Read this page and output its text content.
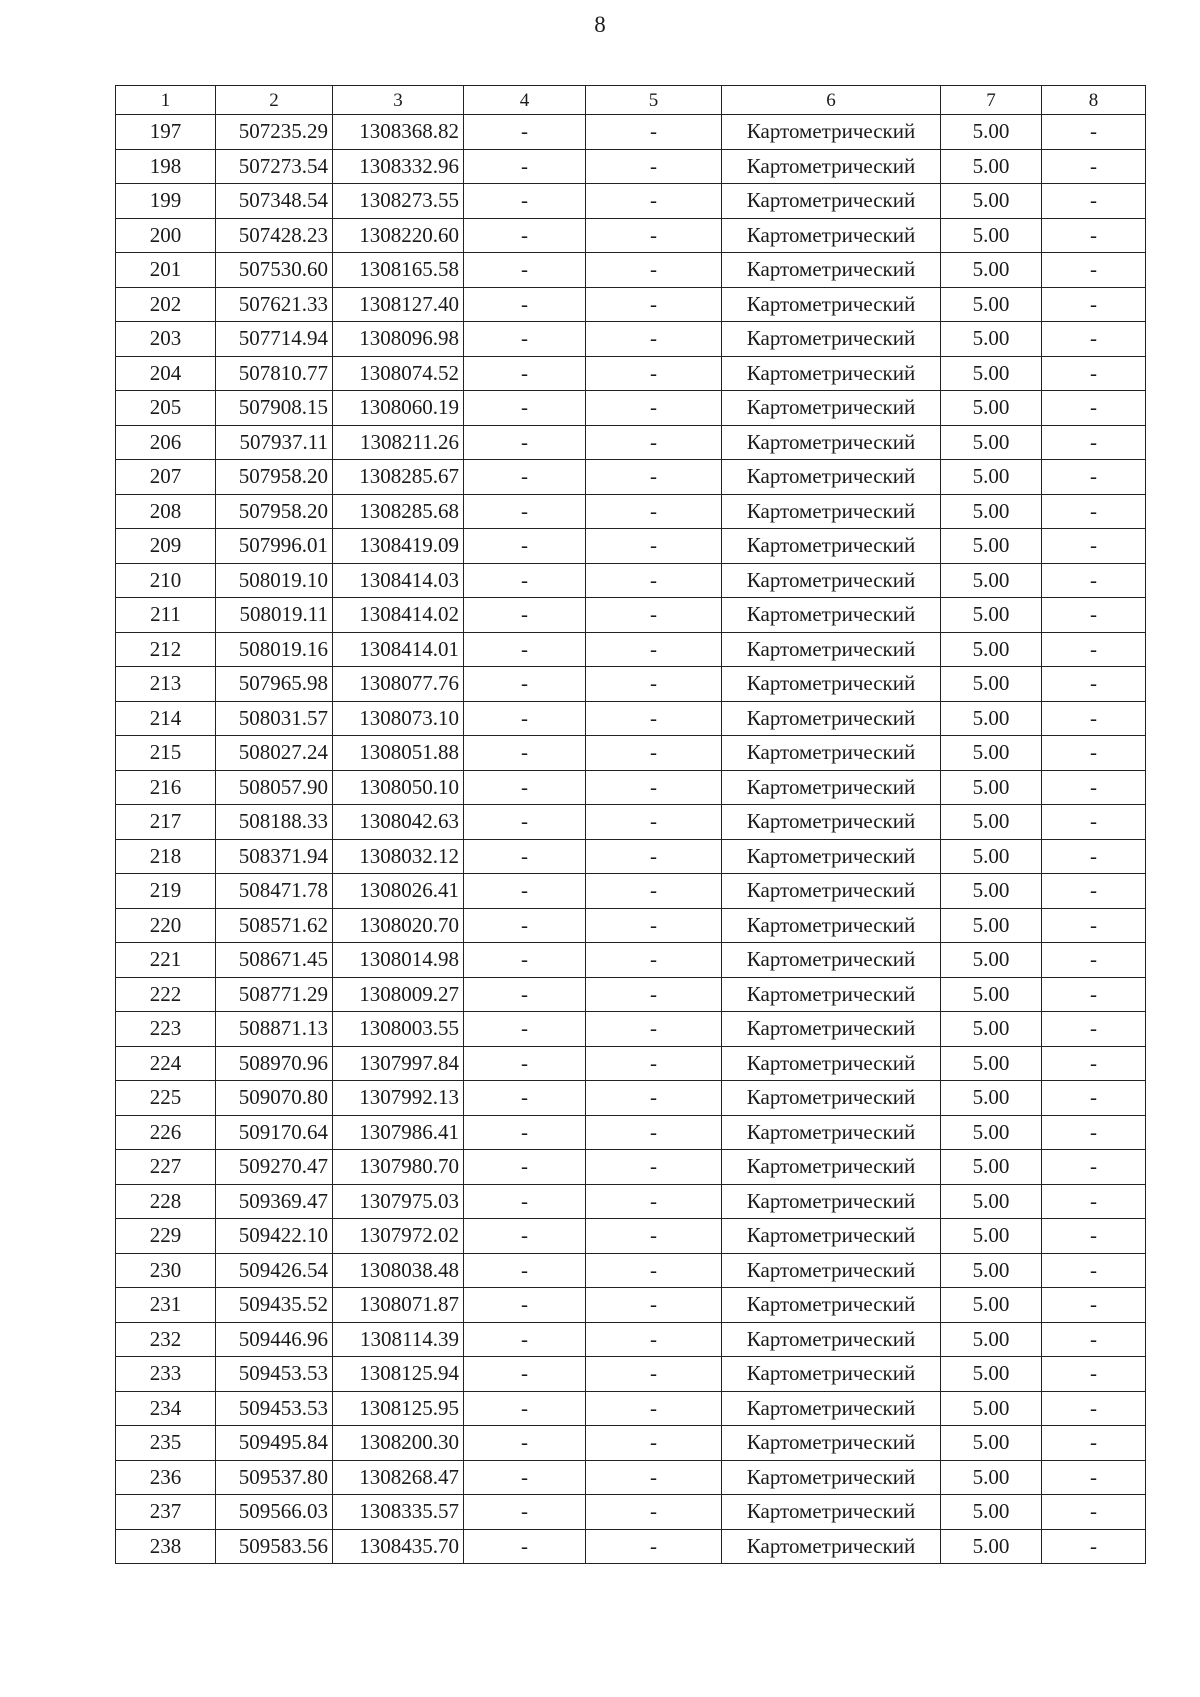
8
1	2	3	4	5	6	7	8
197	507235.29	1308368.82	-	-	Картометрический	5.00	-
198	507273.54	1308332.96	-	-	Картометрический	5.00	-
199	507348.54	1308273.55	-	-	Картометрический	5.00	-
200	507428.23	1308220.60	-	-	Картометрический	5.00	-
201	507530.60	1308165.58	-	-	Картометрический	5.00	-
202	507621.33	1308127.40	-	-	Картометрический	5.00	-
203	507714.94	1308096.98	-	-	Картометрический	5.00	-
204	507810.77	1308074.52	-	-	Картометрический	5.00	-
205	507908.15	1308060.19	-	-	Картометрический	5.00	-
206	507937.11	1308211.26	-	-	Картометрический	5.00	-
207	507958.20	1308285.67	-	-	Картометрический	5.00	-
208	507958.20	1308285.68	-	-	Картометрический	5.00	-
209	507996.01	1308419.09	-	-	Картометрический	5.00	-
210	508019.10	1308414.03	-	-	Картометрический	5.00	-
211	508019.11	1308414.02	-	-	Картометрический	5.00	-
212	508019.16	1308414.01	-	-	Картометрический	5.00	-
213	507965.98	1308077.76	-	-	Картометрический	5.00	-
214	508031.57	1308073.10	-	-	Картометрический	5.00	-
215	508027.24	1308051.88	-	-	Картометрический	5.00	-
216	508057.90	1308050.10	-	-	Картометрический	5.00	-
217	508188.33	1308042.63	-	-	Картометрический	5.00	-
218	508371.94	1308032.12	-	-	Картометрический	5.00	-
219	508471.78	1308026.41	-	-	Картометрический	5.00	-
220	508571.62	1308020.70	-	-	Картометрический	5.00	-
221	508671.45	1308014.98	-	-	Картометрический	5.00	-
222	508771.29	1308009.27	-	-	Картометрический	5.00	-
223	508871.13	1308003.55	-	-	Картометрический	5.00	-
224	508970.96	1307997.84	-	-	Картометрический	5.00	-
225	509070.80	1307992.13	-	-	Картометрический	5.00	-
226	509170.64	1307986.41	-	-	Картометрический	5.00	-
227	509270.47	1307980.70	-	-	Картометрический	5.00	-
228	509369.47	1307975.03	-	-	Картометрический	5.00	-
229	509422.10	1307972.02	-	-	Картометрический	5.00	-
230	509426.54	1308038.48	-	-	Картометрический	5.00	-
231	509435.52	1308071.87	-	-	Картометрический	5.00	-
232	509446.96	1308114.39	-	-	Картометрический	5.00	-
233	509453.53	1308125.94	-	-	Картометрический	5.00	-
234	509453.53	1308125.95	-	-	Картометрический	5.00	-
235	509495.84	1308200.30	-	-	Картометрический	5.00	-
236	509537.80	1308268.47	-	-	Картометрический	5.00	-
237	509566.03	1308335.57	-	-	Картометрический	5.00	-
238	509583.56	1308435.70	-	-	Картометрический	5.00	-
